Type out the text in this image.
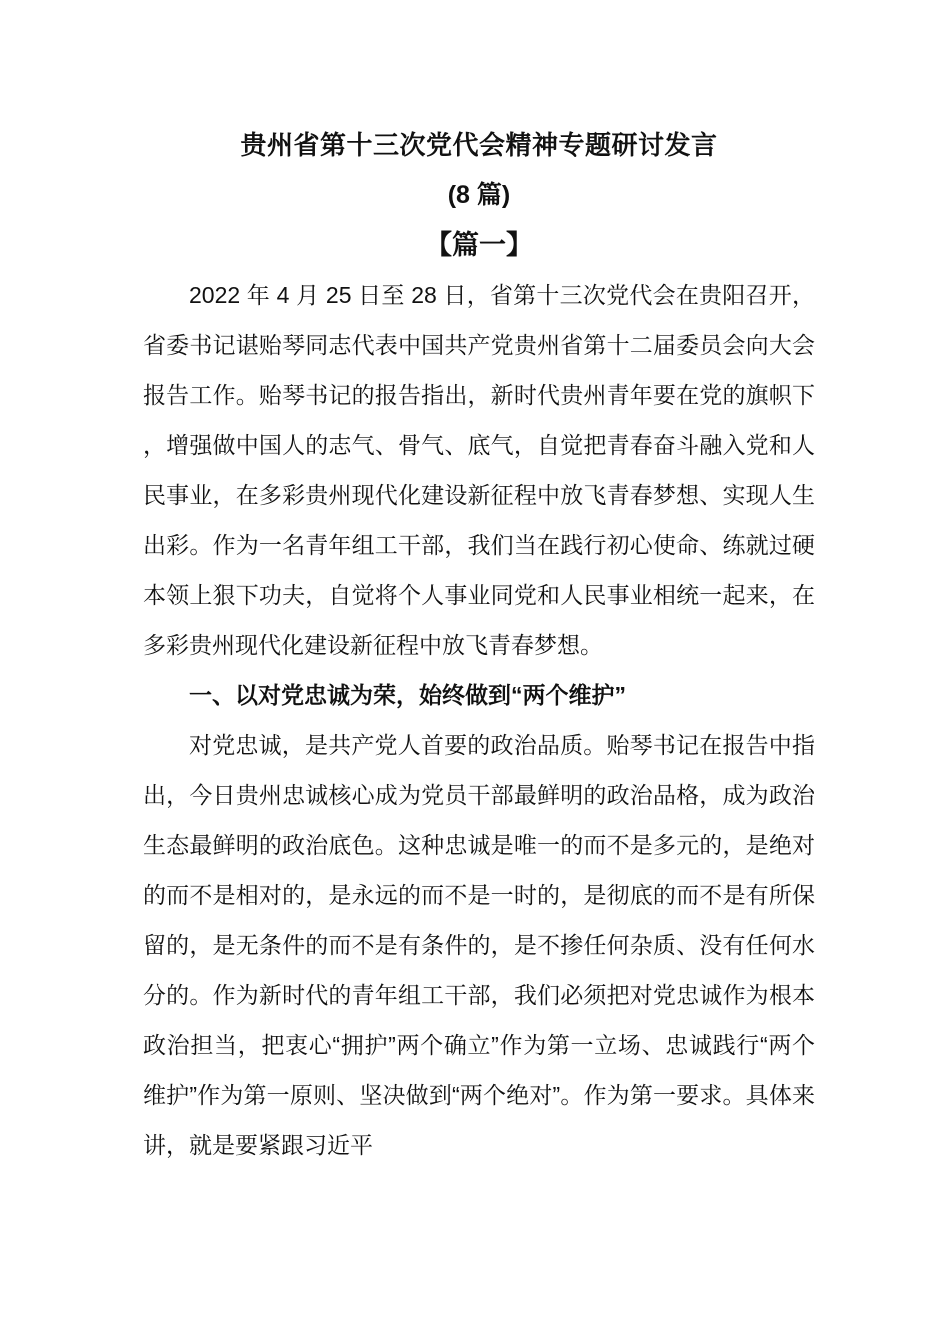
贵州省第十三次党代会精神专题研讨发言
(8 篇)
【篇一】

2022 年 4 月 25 日至 28 日，省第十三次党代会在贵阳召开，省委书记谌贻琴同志代表中国共产党贵州省第十二届委员会向大会报告工作。贻琴书记的报告指出，新时代贵州青年要在党的旗帜下，增强做中国人的志气、骨气、底气，自觉把青春奋斗融入党和人民事业，在多彩贵州现代化建设新征程中放飞青春梦想、实现人生出彩。作为一名青年组工干部，我们当在践行初心使命、练就过硬本领上狠下功夫，自觉将个人事业同党和人民事业相统一起来，在多彩贵州现代化建设新征程中放飞青春梦想。

一、以对党忠诚为荣，始终做到“两个维护”

对党忠诚，是共产党人首要的政治品质。贻琴书记在报告中指出，今日贵州忠诚核心成为党员干部最鲜明的政治品格，成为政治生态最鲜明的政治底色。这种忠诚是唯一的而不是多元的，是绝对的而不是相对的，是永远的而不是一时的，是彻底的而不是有所保留的，是无条件的而不是有条件的，是不掺任何杂质、没有任何水分的。作为新时代的青年组工干部，我们必须把对党忠诚作为根本政治担当，把衷心“拥护”两个确立”作为第一立场、忠诚践行“两个维护”作为第一原则、坚决做到“两个绝对”。作为第一要求。具体来讲，就是要紧跟习近平
